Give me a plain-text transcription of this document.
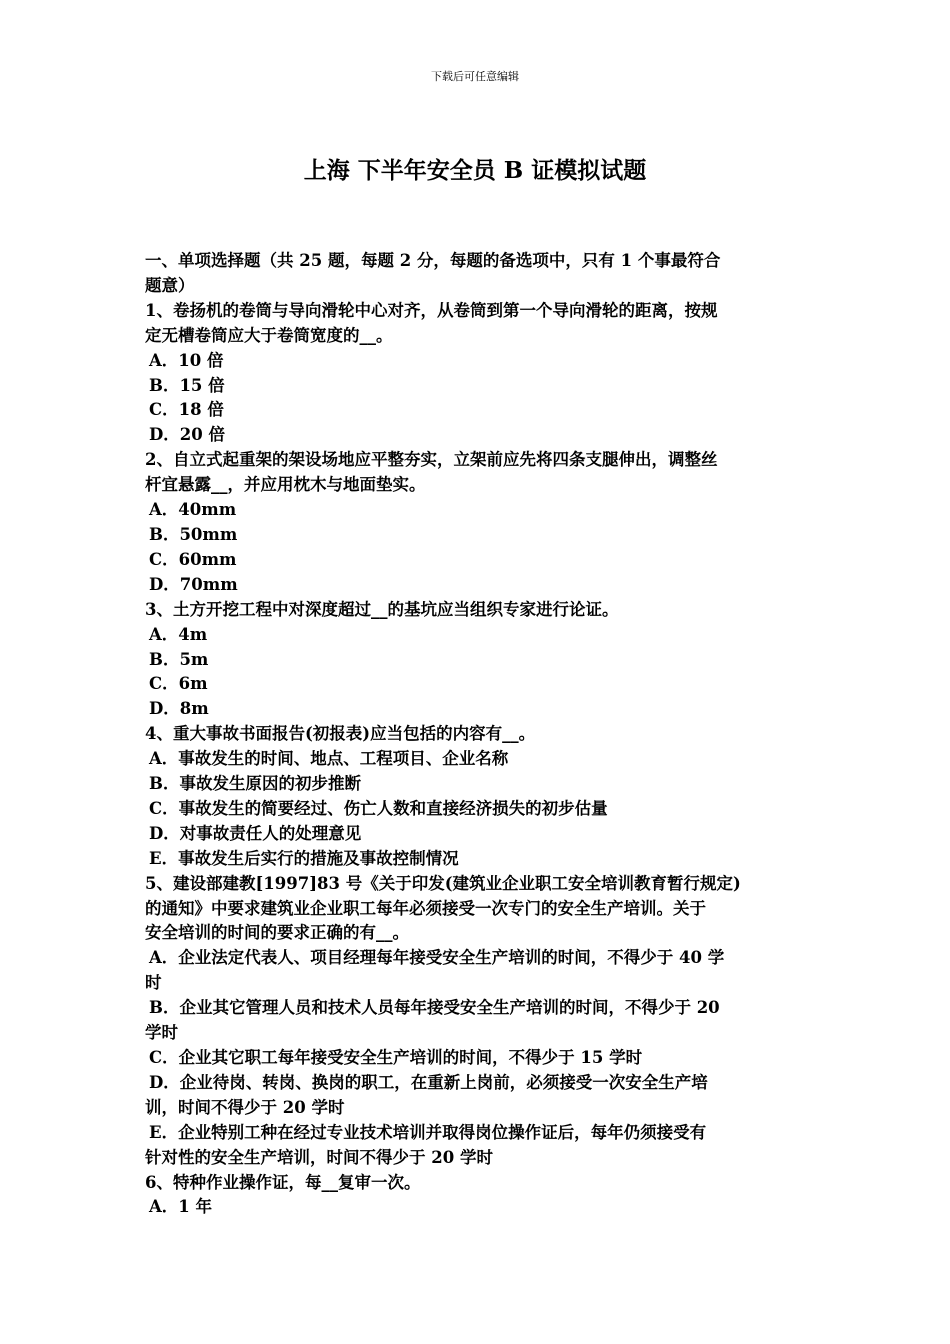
下载后可任意编辑
上海 下半年安全员 B 证模拟试题
一、单项选择题（共 25 题，每题 2 分，每题的备选项中，只有 1 个事最符合
题意）
1、卷扬机的卷筒与导向滑轮中心对齐，从卷筒到第一个导向滑轮的距离，按规
定无槽卷筒应大于卷筒宽度的__。
A．10 倍
B．15 倍
C．18 倍
D．20 倍
2、自立式起重架的架设场地应平整夯实，立架前应先将四条支腿伸出，调整丝
杆宜悬露__，并应用枕木与地面垫实。
A．40mm
B．50mm
C．60mm
D．70mm
3、土方开挖工程中对深度超过__的基坑应当组织专家进行论证。
A．4m
B．5m
C．6m
D．8m
4、重大事故书面报告(初报表)应当包括的内容有__。
A．事故发生的时间、地点、工程项目、企业名称
B．事故发生原因的初步推断
C．事故发生的简要经过、伤亡人数和直接经济损失的初步估量
D．对事故责任人的处理意见
E．事故发生后实行的措施及事故控制情况
5、建设部建教[1997]83 号《关于印发(建筑业企业职工安全培训教育暂行规定)
的通知》中要求建筑业企业职工每年必须接受一次专门的安全生产培训。关于
安全培训的时间的要求正确的有__。
A．企业法定代表人、项目经理每年接受安全生产培训的时间，不得少于 40 学
时
B．企业其它管理人员和技术人员每年接受安全生产培训的时间，不得少于 20
学时
C．企业其它职工每年接受安全生产培训的时间，不得少于 15 学时
D．企业待岗、转岗、换岗的职工，在重新上岗前，必须接受一次安全生产培
训，时间不得少于 20 学时
E．企业特别工种在经过专业技术培训并取得岗位操作证后，每年仍须接受有
针对性的安全生产培训，时间不得少于 20 学时
6、特种作业操作证，每__复审一次。
A．1 年
